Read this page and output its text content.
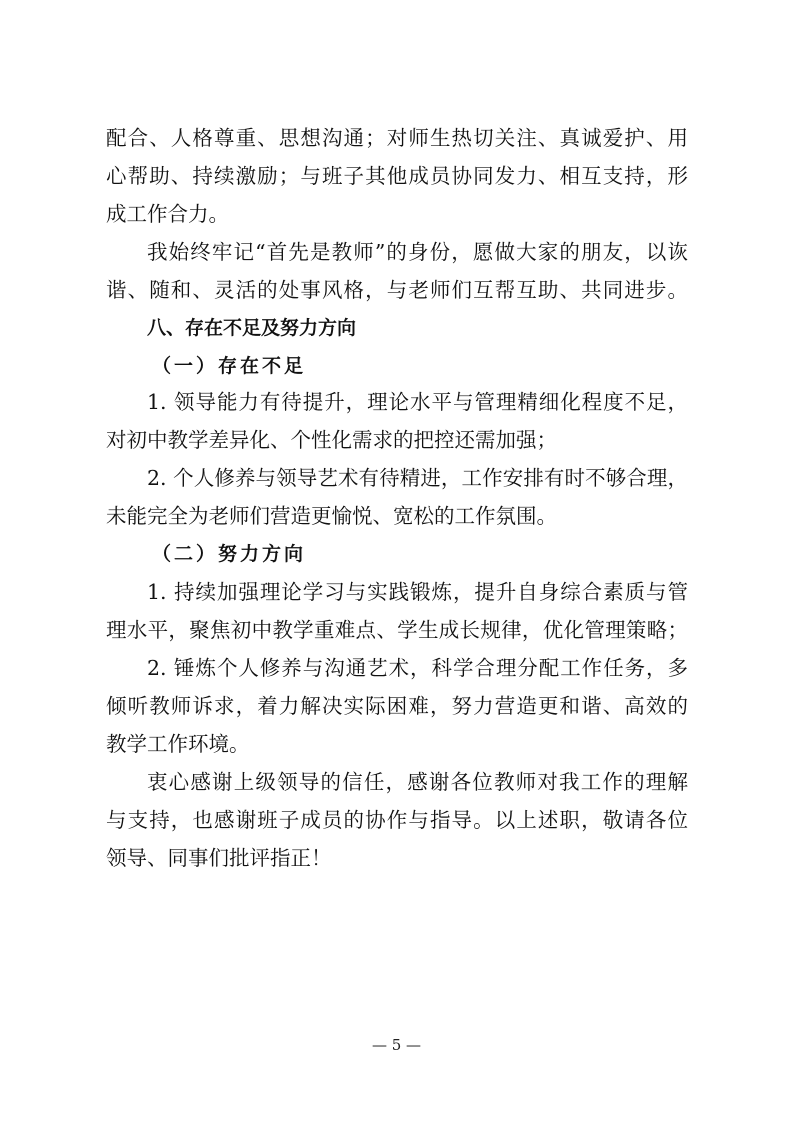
配合、人格尊重、思想沟通；对师生热切关注、真诚爱护、用
心帮助、持续激励；与班子其他成员协同发力、相互支持，形
成工作合力。
我始终牢记“首先是教师”的身份，愿做大家的朋友，以诙
谐、随和、灵活的处事风格，与老师们互帮互助、共同进步。
八、存在不足及努力方向
（一）存在不足
1. 领导能力有待提升，理论水平与管理精细化程度不足，
对初中教学差异化、个性化需求的把控还需加强；
2. 个人修养与领导艺术有待精进，工作安排有时不够合理，
未能完全为老师们营造更愉悦、宽松的工作氛围。
（二）努力方向
1. 持续加强理论学习与实践锻炼，提升自身综合素质与管
理水平，聚焦初中教学重难点、学生成长规律，优化管理策略；
2. 锤炼个人修养与沟通艺术，科学合理分配工作任务，多
倾听教师诉求，着力解决实际困难，努力营造更和谐、高效的
教学工作环境。
衷心感谢上级领导的信任，感谢各位教师对我工作的理解
与支持，也感谢班子成员的协作与指导。以上述职，敬请各位
领导、同事们批评指正！
— 5 —
